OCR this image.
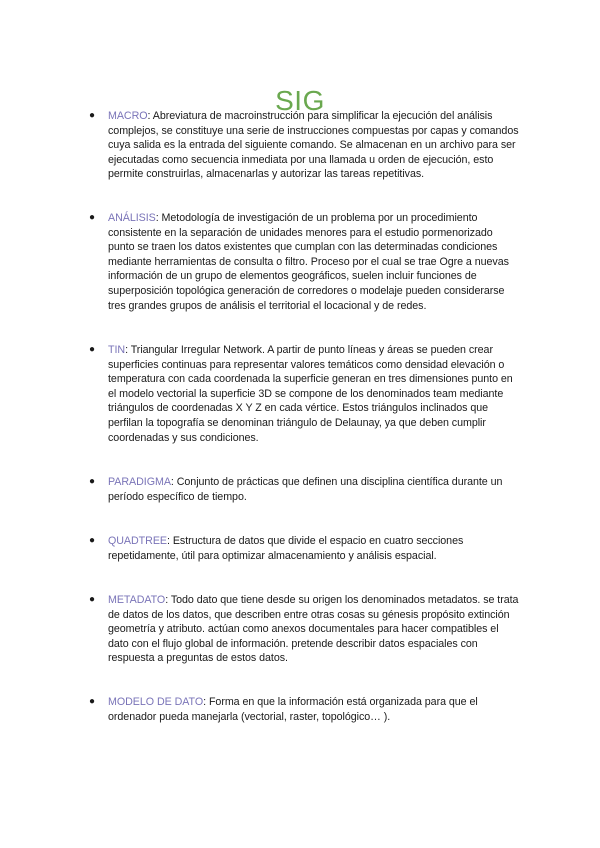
SIG
● MACRO: Abreviatura de macroinstrucción para simplificar la ejecución del análisis complejos, se constituye una serie de instrucciones compuestas por capas y comandos cuya salida es la entrada del siguiente comando. Se almacenan en un archivo para ser ejecutadas como secuencia inmediata por una llamada u orden de ejecución, esto permite construirlas, almacenarlas y autorizar las tareas repetitivas.
● ANÁLISIS: Metodología de investigación de un problema por un procedimiento consistente en la separación de unidades menores para el estudio pormenorizado punto se traen los datos existentes que cumplan con las determinadas condiciones mediante herramientas de consulta o filtro. Proceso por el cual se trae Ogre a nuevas información de un grupo de elementos geográficos, suelen incluir funciones de superposición topológica generación de corredores o modelaje pueden considerarse tres grandes grupos de análisis el territorial el locacional y de redes.
● TIN: Triangular Irregular Network. A partir de punto líneas y áreas se pueden crear superficies continuas para representar valores temáticos como densidad elevación o temperatura con cada coordenada la superficie generan en tres dimensiones punto en el modelo vectorial la superficie 3D se compone de los denominados team mediante triángulos de coordenadas X Y Z en cada vértice. Estos triángulos inclinados que perfilan la topografía se denominan triángulo de Delaunay, ya que deben cumplir coordenadas y sus condiciones.
● PARADIGMA: Conjunto de prácticas que definen una disciplina científica durante un período específico de tiempo.
● QUADTREE: Estructura de datos que divide el espacio en cuatro secciones repetidamente, útil para optimizar almacenamiento y análisis espacial.
● METADATO: Todo dato que tiene desde su origen los denominados metadatos. se trata de datos de los datos, que describen entre otras cosas su génesis propósito extinción geometría y atributo. actúan como anexos documentales para hacer compatibles el dato con el flujo global de información. pretende describir datos espaciales con respuesta a preguntas de estos datos.
● MODELO DE DATO: Forma en que la información está organizada para que el ordenador pueda manejarla (vectorial, raster, topológico… ).
